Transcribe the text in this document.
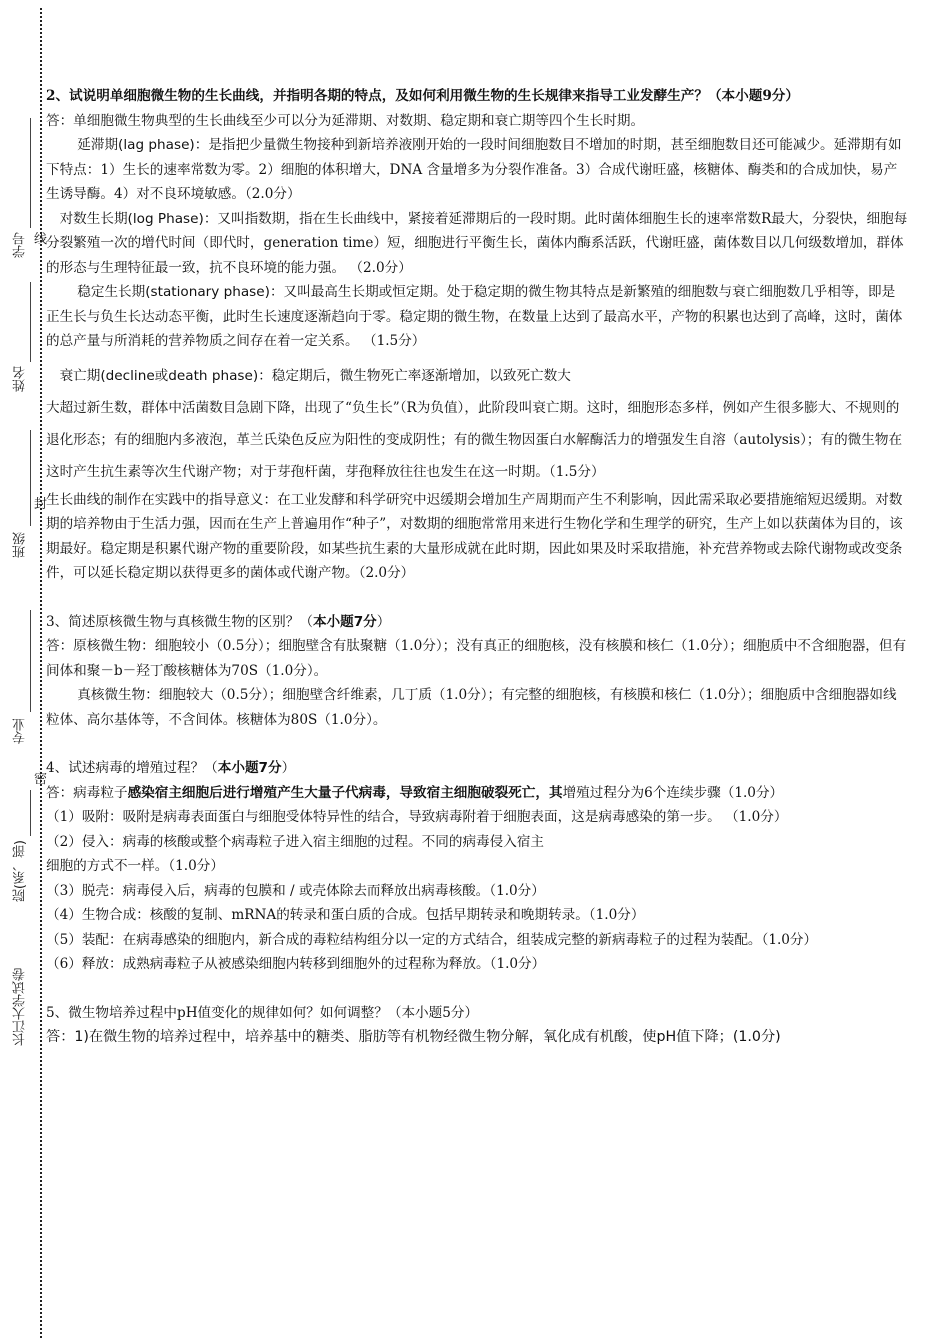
学号 线
姓名
封
班级
专业
密
院(系、部)
长江大学试卷

2、试说明单细胞微生物的生长曲线，并指明各期的特点，及如何利用微生物的生长规律来指导工业发酵生产？（本小题9分）

答：单细胞微生物典型的生长曲线至少可以分为延滞期、对数期、稳定期和衰亡期等四个生长时期。

延滞期(lag phase)：是指把少量微生物接种到新培养液刚开始的一段时间细胞数目不增加的时期，甚至细胞数目还可能减少。延滞期有如下特点：1）生长的速率常数为零。2）细胞的体积增大，DNA 含量增多为分裂作准备。3）合成代谢旺盛，核糖体、酶类和的合成加快，易产生诱导酶。4）对不良环境敏感。（2.0分）

对数生长期(log Phase)：又叫指数期，指在生长曲线中，紧接着延滞期后的一段时期。此时菌体细胞生长的速率常数R最大，分裂快，细胞每分裂繁殖一次的增代时间（即代时，generation time）短，细胞进行平衡生长，菌体内酶系活跃，代谢旺盛，菌体数目以几何级数增加，群体的形态与生理特征最一致，抗不良环境的能力强。 （2.0分）

稳定生长期(stationary phase)：又叫最高生长期或恒定期。处于稳定期的微生物其特点是新繁殖的细胞数与衰亡细胞数几乎相等，即是正生长与负生长达动态平衡，此时生长速度逐渐趋向于零。稳定期的微生物，在数量上达到了最高水平，产物的积累也达到了高峰，这时，菌体的总产量与所消耗的营养物质之间存在着一定关系。 （1.5分）

衰亡期(decline或death phase)：稳定期后，微生物死亡率逐渐增加，以致死亡数大

大超过新生数，群体中活菌数目急剧下降，出现了“负生长”（R为负值），此阶段叫衰亡期。这时，细胞形态多样，例如产生很多膨大、不规则的退化形态；有的细胞内多液泡，革兰氏染色反应为阳性的变成阴性；有的微生物因蛋白水解酶活力的增强发生自溶（autolysis）；有的微生物在这时产生抗生素等次生代谢产物；对于芽孢杆菌，芽孢释放往往也发生在这一时期。（1.5分）

生长曲线的制作在实践中的指导意义：在工业发酵和科学研究中迟缓期会增加生产周期而产生不利影响，因此需采取必要措施缩短迟缓期。对数期的培养物由于生活力强，因而在生产上普遍用作“种子”，对数期的细胞常常用来进行生物化学和生理学的研究，生产上如以获菌体为目的，该期最好。稳定期是积累代谢产物的重要阶段，如某些抗生素的大量形成就在此时期，因此如果及时采取措施，补充营养物或去除代谢物或改变条件，可以延长稳定期以获得更多的菌体或代谢产物。（2.0分）

3、简述原核微生物与真核微生物的区别？（本小题7分）

答：原核微生物：细胞较小（0.5分）；细胞壁含有肽聚糖（1.0分）；没有真正的细胞核，没有核膜和核仁（1.0分）；细胞质中不含细胞器，但有间体和聚－b－羟丁酸核糖体为70S（1.0分）。

真核微生物：细胞较大（0.5分）；细胞壁含纤维素，几丁质（1.0分）；有完整的细胞核，有核膜和核仁（1.0分）；细胞质中含细胞器如线粒体、高尔基体等，不含间体。核糖体为80S（1.0分）。

4、试述病毒的增殖过程？（本小题7分）

答：病毒粒子感染宿主细胞后进行增殖产生大量子代病毒，导致宿主细胞破裂死亡，其增殖过程分为6个连续步骤（1.0分）

（1）吸附：吸附是病毒表面蛋白与细胞受体特异性的结合，导致病毒附着于细胞表面，这是病毒感染的第一步。 （1.0分）

（2）侵入：病毒的核酸或整个病毒粒子进入宿主细胞的过程。不同的病毒侵入宿主

细胞的方式不一样。（1.0分）

（3）脱壳：病毒侵入后，病毒的包膜和 / 或壳体除去而释放出病毒核酸。（1.0分）

（4）生物合成：核酸的复制、mRNA的转录和蛋白质的合成。包括早期转录和晚期转录。（1.0分）

（5）装配：在病毒感染的细胞内，新合成的毒粒结构组分以一定的方式结合，组装成完整的新病毒粒子的过程为装配。（1.0分）

（6）释放：成熟病毒粒子从被感染细胞内转移到细胞外的过程称为释放。（1.0分）

5、微生物培养过程中pH值变化的规律如何？如何调整？（本小题5分）

答：1)在微生物的培养过程中，培养基中的糖类、脂肪等有机物经微生物分解，氧化成有机酸，使pH值下降；(1.0分)
